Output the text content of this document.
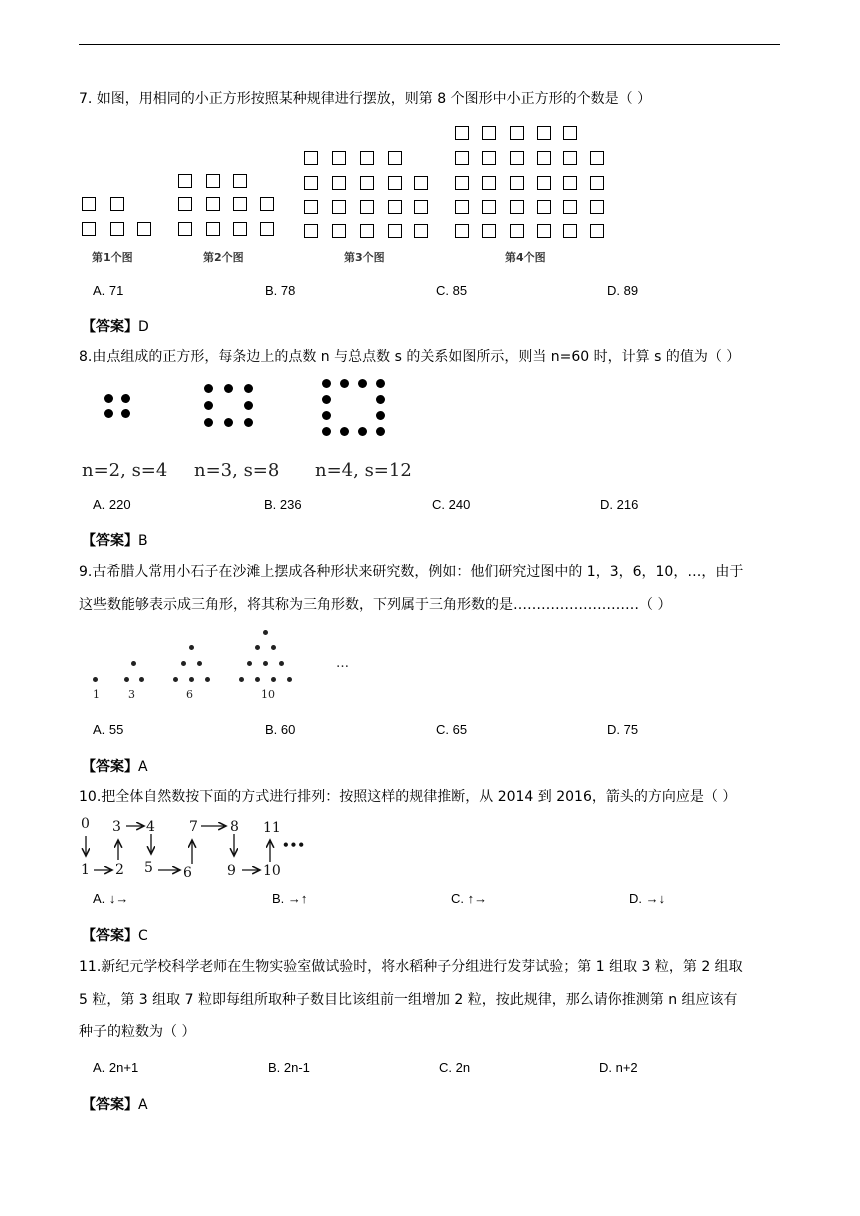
7. 如图，用相同的小正方形按照某种规律进行摆放，则第 8 个图形中小正方形的个数是（ ）
第1个图	第2个图	第3个图	第4个图
A. 71	B. 78	C. 85	D. 89
【答案】D
8.由点组成的正方形，每条边上的点数 n 与总点数 s 的关系如图所示，则当 n=60 时，计算 s 的值为（ ）
n=2, s=4 n=3, s=8 n=4, s=12
A. 220	B. 236	C. 240	D. 216
【答案】B
9.古希腊人常用小石子在沙滩上摆成各种形状来研究数，例如：他们研究过图中的 1，3，6，10，…，由于
这些数能够表示成三角形，将其称为三角形数，下列属于三角形数的是………………………（ ）
1	3	6	10
…
A. 55	B. 60	C. 65	D. 75
【答案】A
10.把全体自然数按下面的方式进行排列：按照这样的规律推断，从 2014 到 2016，箭头的方向应是（ ）
0
1 2
3 4
5 6
7 8
9 10
11
•••
A. ↓→	B. →↑	C. ↑→	D. →↓
【答案】C
11.新纪元学校科学老师在生物实验室做试验时，将水稻种子分组进行发芽试验；第 1 组取 3 粒，第 2 组取
5 粒，第 3 组取 7 粒即每组所取种子数目比该组前一组增加 2 粒，按此规律，那么请你推测第 n 组应该有
种子的粒数为（ ）
A. 2n+1	B. 2n-1	C. 2n	D. n+2
【答案】A
